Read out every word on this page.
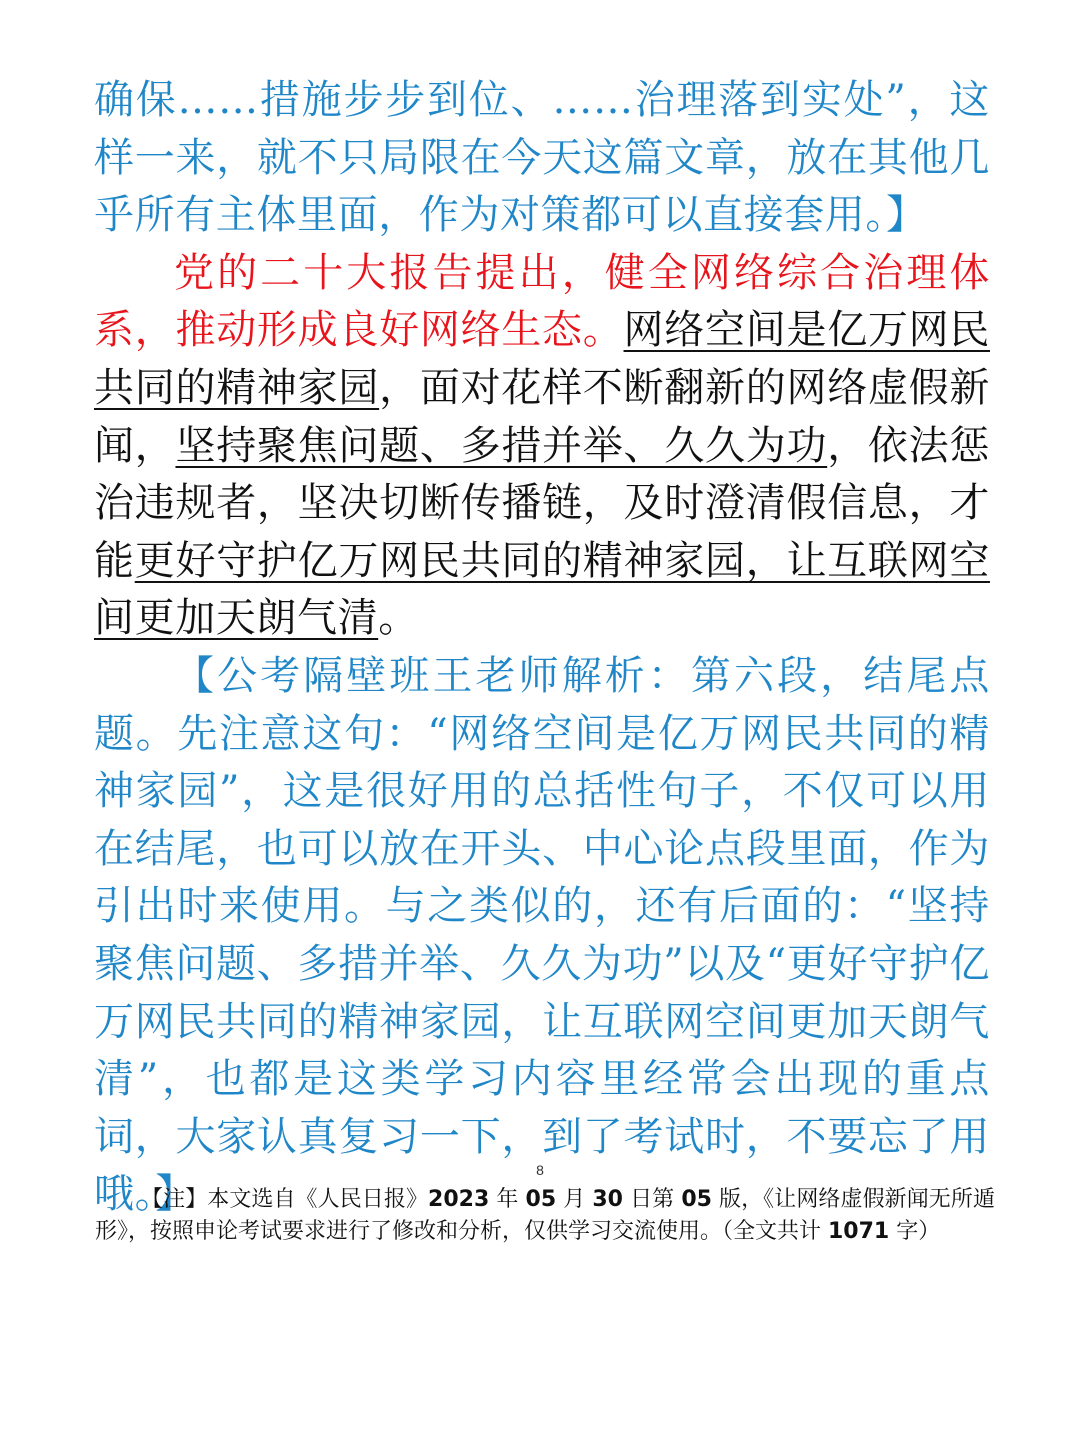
确保……措施步步到位、……治理落到实处”，这样一来，就不只局限在今天这篇文章，放在其他几乎所有主体里面，作为对策都可以直接套用。】

党的二十大报告提出，健全网络综合治理体系，推动形成良好网络生态。网络空间是亿万网民共同的精神家园，面对花样不断翻新的网络虚假新闻，坚持聚焦问题、多措并举、久久为功，依法惩治违规者，坚决切断传播链，及时澄清假信息，才能更好守护亿万网民共同的精神家园，让互联网空间更加天朗气清。

【公考隔壁班王老师解析：第六段，结尾点题。先注意这句：“网络空间是亿万网民共同的精神家园”，这是很好用的总括性句子，不仅可以用在结尾，也可以放在开头、中心论点段里面，作为引出时来使用。与之类似的，还有后面的：“坚持聚焦问题、多措并举、久久为功”以及“更好守护亿万网民共同的精神家园，让互联网空间更加天朗气清”，也都是这类学习内容里经常会出现的重点词，大家认真复习一下，到了考试时，不要忘了用哦。】

8

【注】本文选自《人民日报》2023 年 05 月 30 日第 05 版，《让网络虚假新闻无所遁形》，按照申论考试要求进行了修改和分析，仅供学习交流使用。（全文共计 1071 字）
